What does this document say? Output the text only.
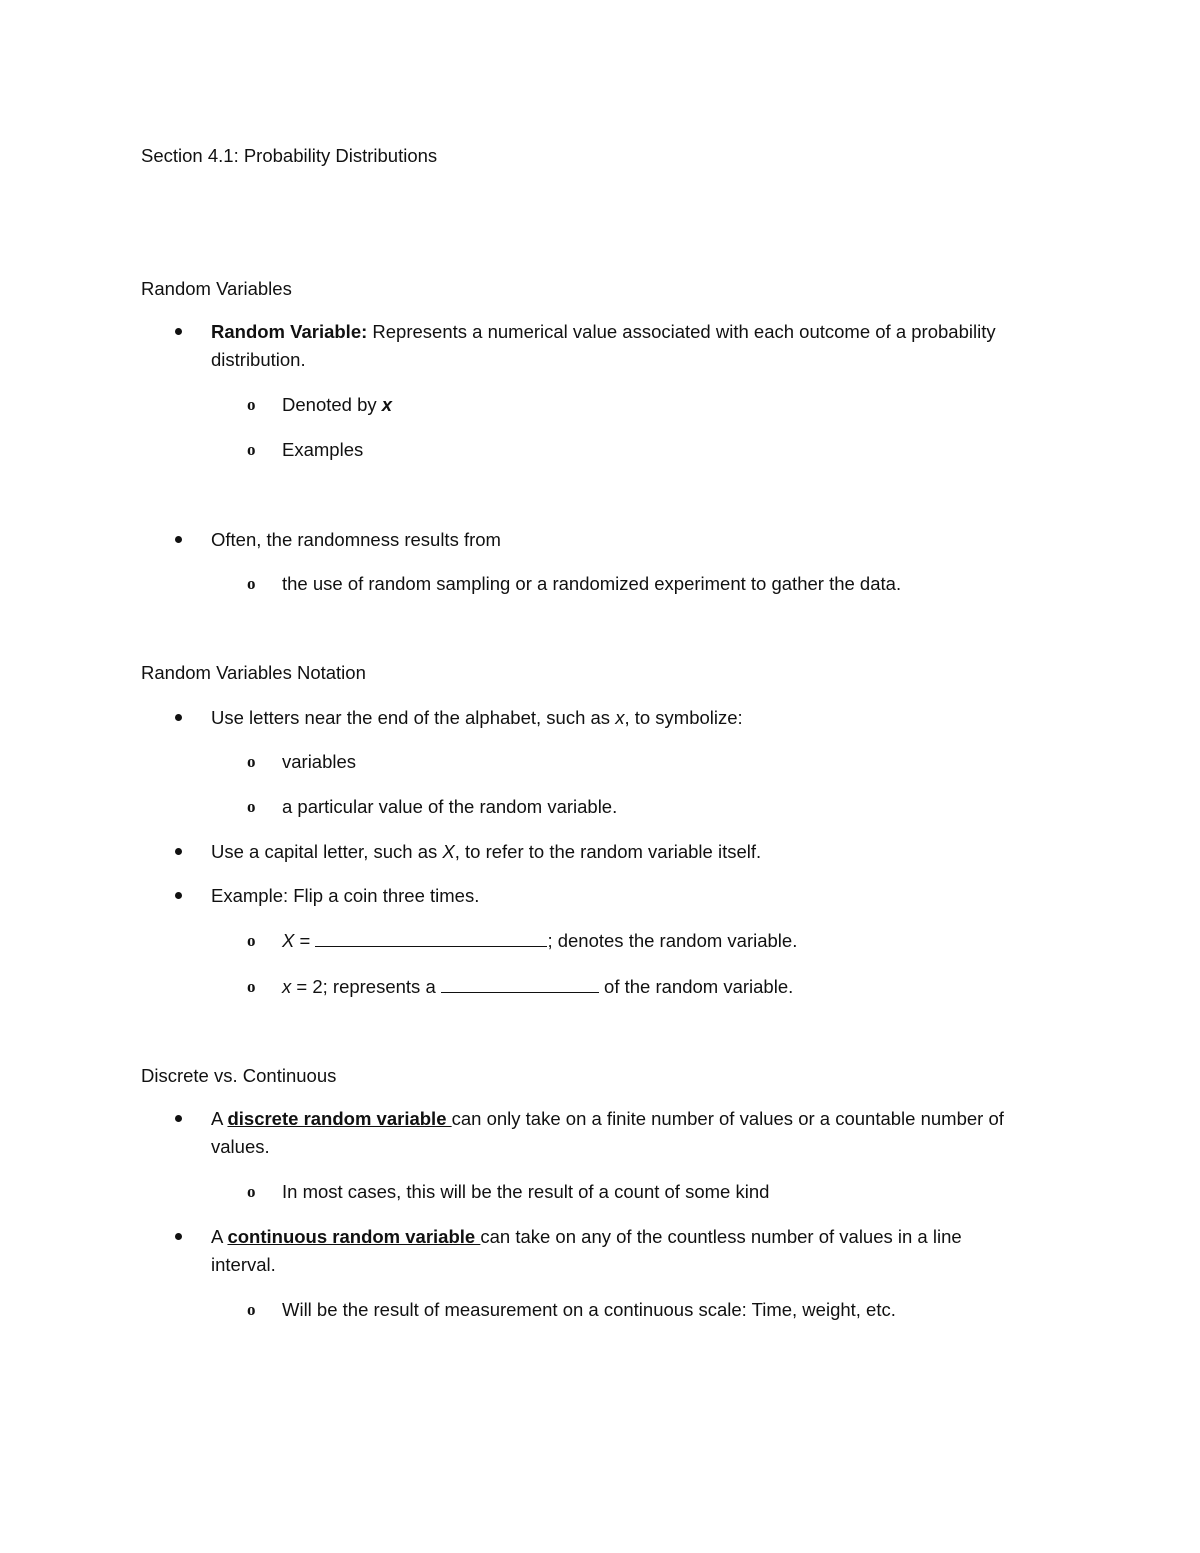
Section 4.1: Probability Distributions
Random Variables
Random Variable: Represents a numerical value associated with each outcome of a probability
distribution.
o Denoted by x
o Examples
Often, the randomness results from
o the use of random sampling or a randomized experiment to gather the data.
Random Variables Notation
Use letters near the end of the alphabet, such as x, to symbolize:
o variables
o a particular value of the random variable.
Use a capital letter, such as X, to refer to the random variable itself.
Example: Flip a coin three times.
o X =	; denotes the random variable.
o x = 2; represents a	of the random variable.
Discrete vs. Continuous
A discrete random variable can only take on a finite number of values or a countable number of
values.
o In most cases, this will be the result of a count of some kind
A continuous random variable can take on any of the countless number of values in a line
interval.
o Will be the result of measurement on a continuous scale: Time, weight, etc.
